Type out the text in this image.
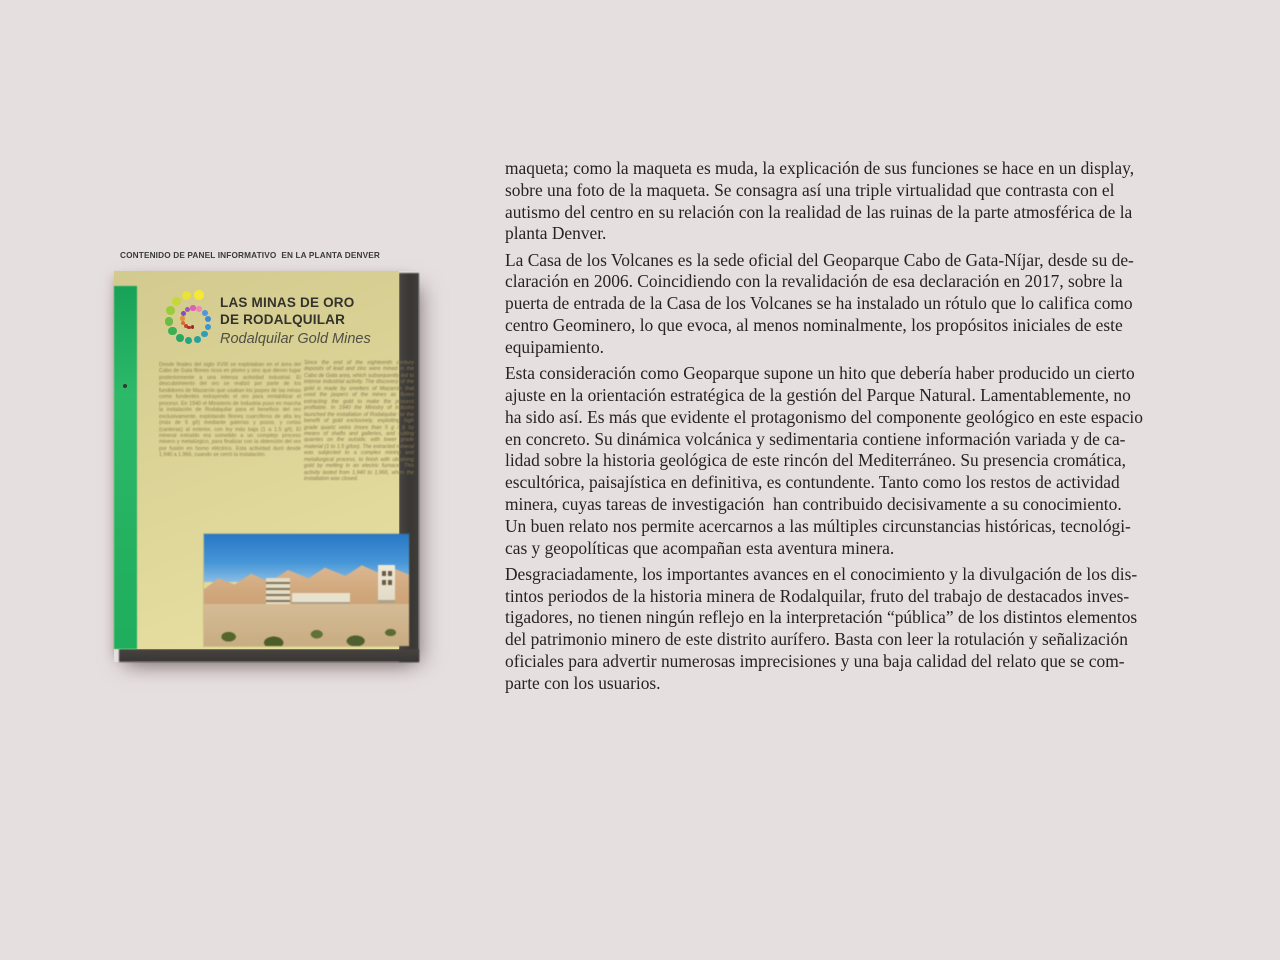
CONTENIDO DE PANEL INFORMATIVO  EN LA PLANTA DENVER
LAS MINAS DE ORO
DE RODALQUILAR
Rodalquilar Gold Mines
Desde finales del siglo XVIII se explotaban en el área del Cabo de Gata filones ricos en plomo y zinc que dieron lugar posteriormente a una intensa actividad industrial. El descubrimiento del oro se realizó por parte de los fundidores de Mazarrón que usaban los jaspes de las minas como fundentes extrayendo el oro para rentabilizar el proceso. En 1940 el Ministerio de Industria puso en marcha la instalación de Rodalquilar para el beneficio del oro exclusivamente, explotando filones cuarcíferos de alta ley (más de 5 g/t) mediante galerías y pozos, y cortas (canteras) al exterior, con ley más baja (1 a 1.5 g/t). El mineral extraído era sometido a un complejo proceso minero y metalúrgico, para finalizar con la obtención del oro por fusión en horno eléctrico. Esta actividad duró desde 1.940 a 1.966, cuando se cerró la instalación.
Since the end of the eighteenth century deposits of lead and zinc were mined in the Cabo de Gata area, which subsequently led to intense industrial activity. The discovery of the gold is made by smelters of Mazarrón that used the jaspers of the mines as fluxes extracting the gold to make the process profitable. In 1940 the Ministry of Industry launched the installation of Rodalquilar for the benefit of gold exclusively, exploiting high grade quartz veins (more than 5 g / t) by means of shafts and galleries, and cutting quarries on the outside, with lower grade material (1 to 1.5 g/ton). The extracted mineral was subjected to a complex mining and metallurgical process, to finish with obtaining gold by melting in an electric furnace. This activity lasted from 1,940 to 1,966, when the installation was closed.
maqueta; como la maqueta es muda, la explicación de sus funciones se hace en un display,
sobre una foto de la maqueta. Se consagra así una triple virtualidad que contrasta con el
autismo del centro en su relación con la realidad de las ruinas de la parte atmosférica de la
planta Denver.
La Casa de los Volcanes es la sede oficial del Geoparque Cabo de Gata-Níjar, desde su de-
claración en 2006. Coincidiendo con la revalidación de esa declaración en 2017, sobre la
puerta de entrada de la Casa de los Volcanes se ha instalado un rótulo que lo califica como
centro Geominero, lo que evoca, al menos nominalmente, los propósitos iniciales de este
equipamiento.
Esta consideración como Geoparque supone un hito que debería haber producido un cierto
ajuste en la orientación estratégica de la gestión del Parque Natural. Lamentablemente, no
ha sido así. Es más que evidente el protagonismo del componente geológico en este espacio
en concreto. Su dinámica volcánica y sedimentaria contiene información variada y de ca-
lidad sobre la historia geológica de este rincón del Mediterráneo. Su presencia cromática,
escultórica, paisajística en definitiva, es contundente. Tanto como los restos de actividad
minera, cuyas tareas de investigación  han contribuido decisivamente a su conocimiento.
Un buen relato nos permite acercarnos a las múltiples circunstancias históricas, tecnológi-
cas y geopolíticas que acompañan esta aventura minera.
Desgraciadamente, los importantes avances en el conocimiento y la divulgación de los dis-
tintos periodos de la historia minera de Rodalquilar, fruto del trabajo de destacados inves-
tigadores, no tienen ningún reflejo en la interpretación “pública” de los distintos elementos
del patrimonio minero de este distrito aurífero. Basta con leer la rotulación y señalización
oficiales para advertir numerosas imprecisiones y una baja calidad del relato que se com-
parte con los usuarios.
